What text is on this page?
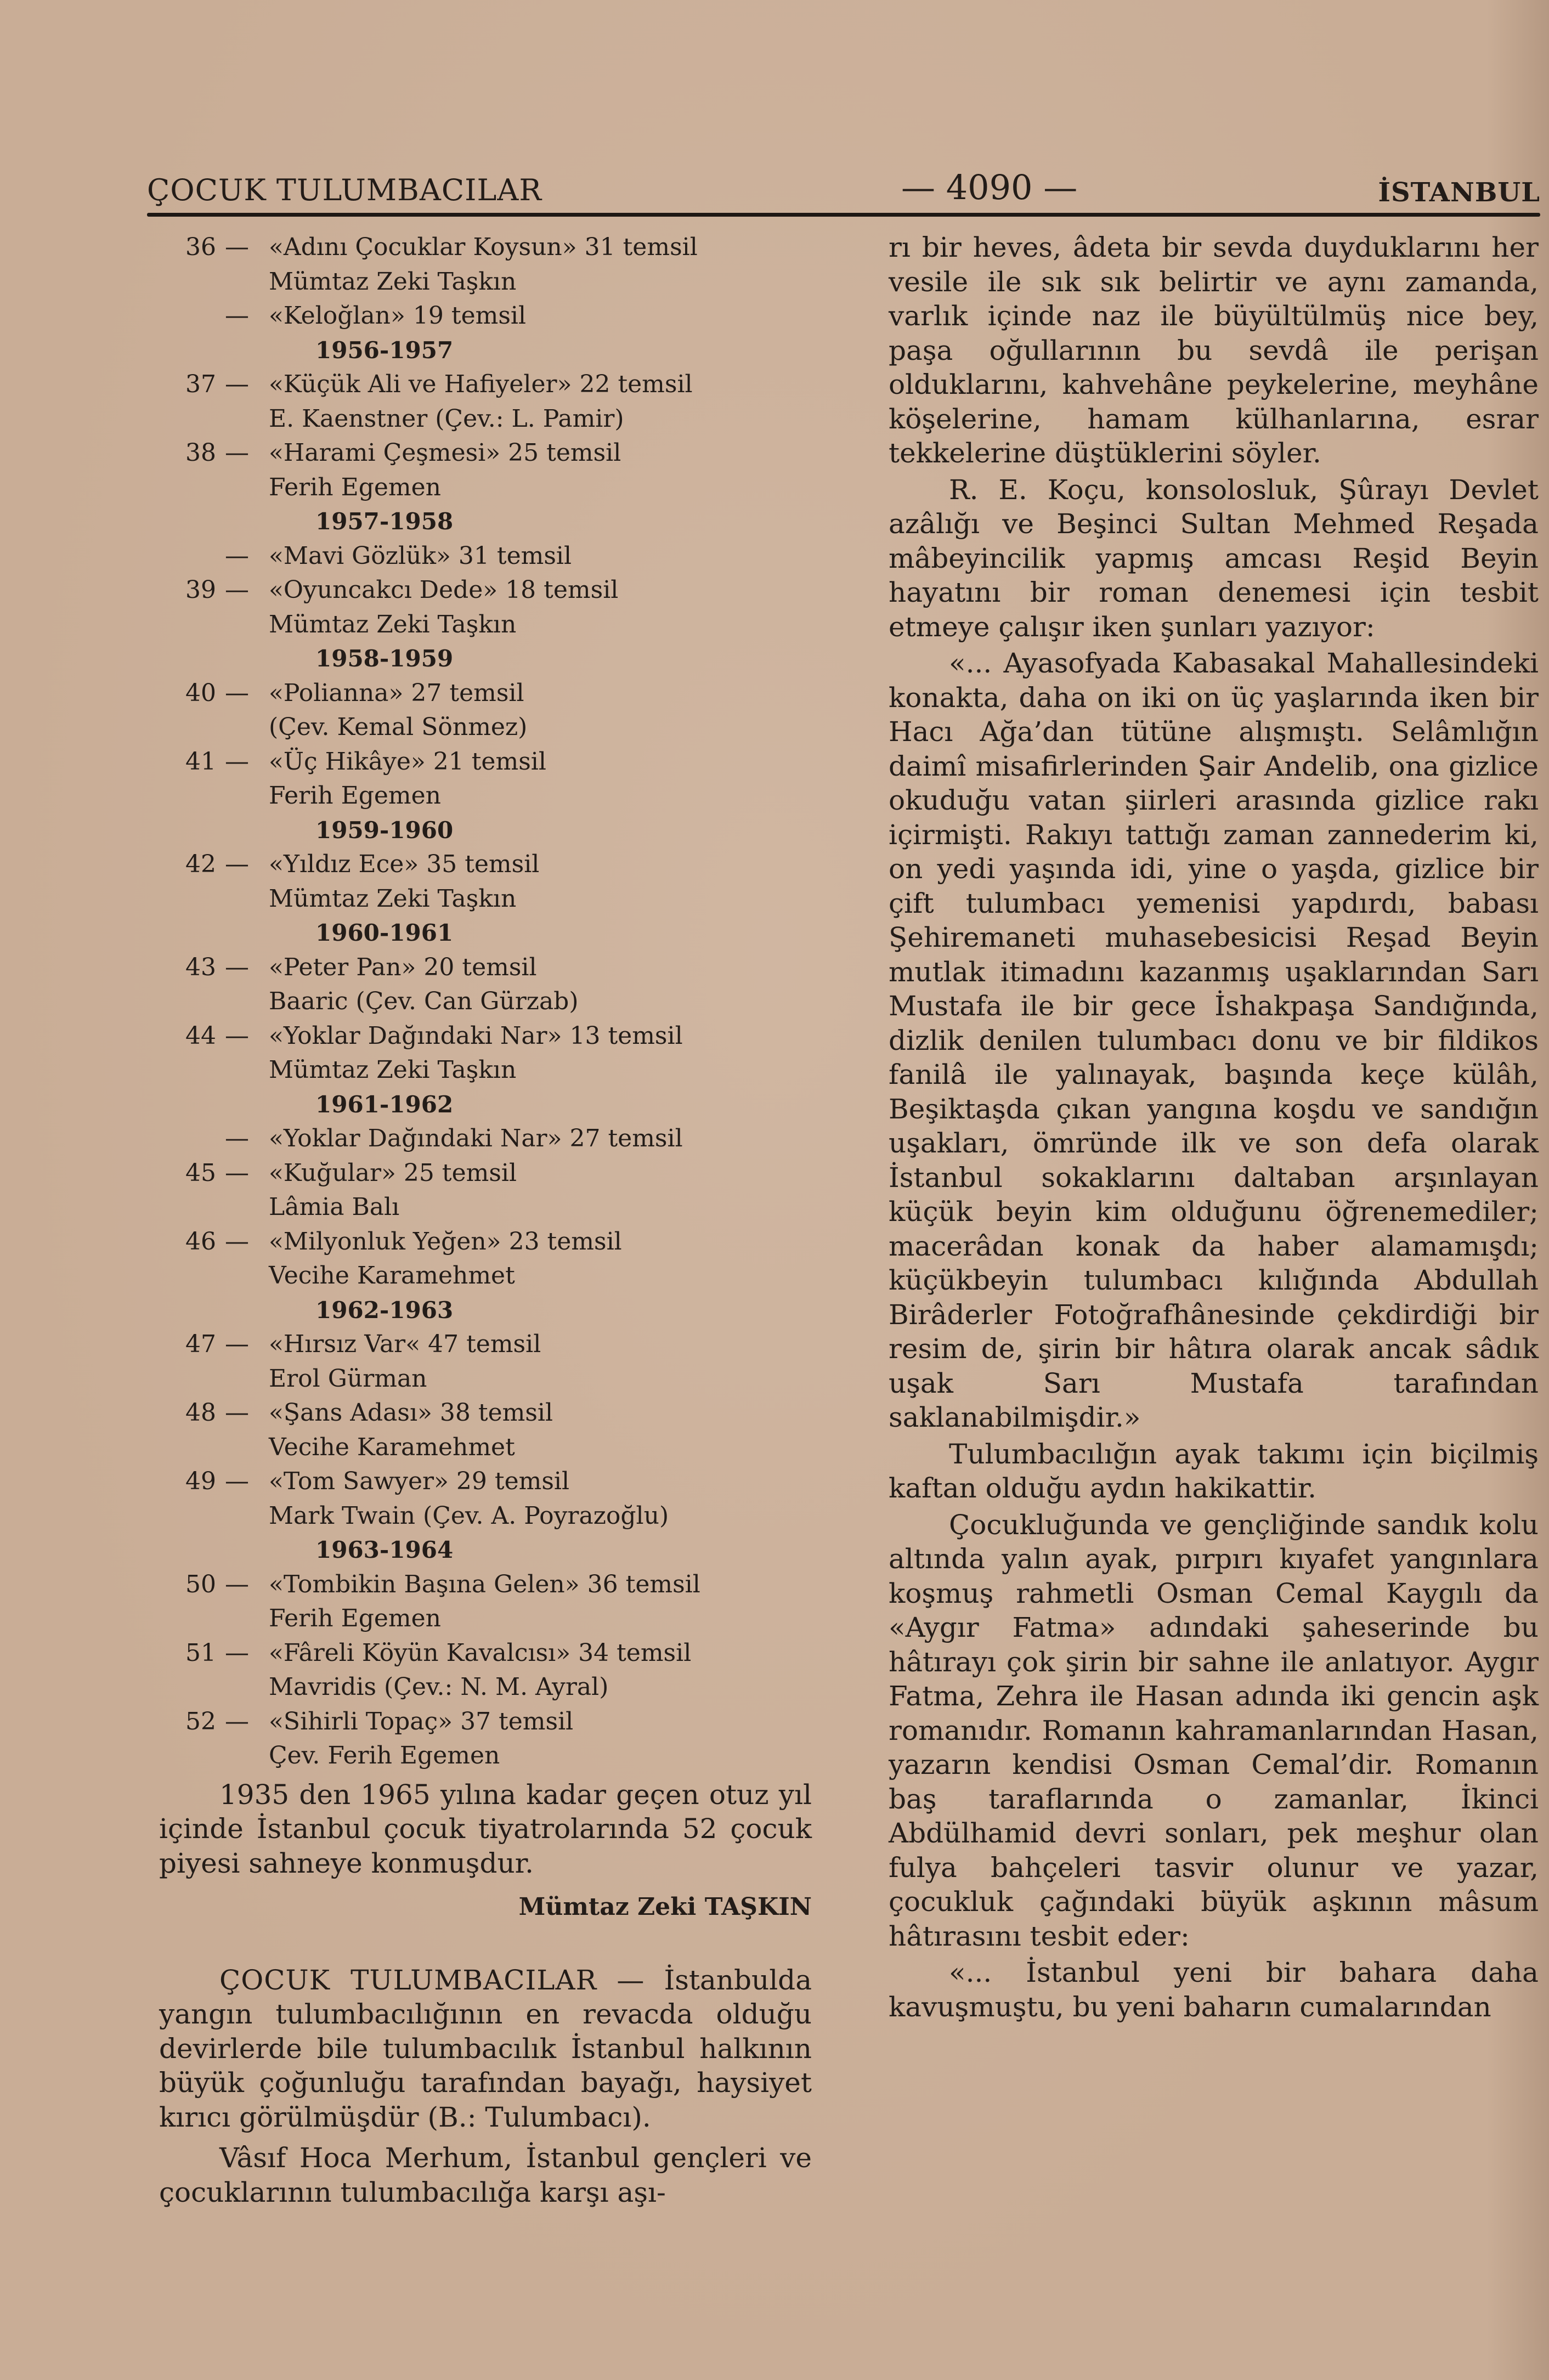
ÇOCUK TULUMBACILAR	— 4090 —	İSTANBUL
36 — «Adını Çocuklar Koysun» 31 temsil
Mümtaz Zeki Taşkın
— «Keloğlan» 19 temsil
1956-1957
37 — «Küçük Ali ve Hafiyeler» 22 temsil
E. Kaenstner (Çev.: L. Pamir)
38 — «Harami Çeşmesi» 25 temsil
Ferih Egemen
1957-1958
— «Mavi Gözlük» 31 temsil
39 — «Oyuncakcı Dede» 18 temsil
Mümtaz Zeki Taşkın
1958-1959
40 — «Polianna» 27 temsil
(Çev. Kemal Sönmez)
41 — «Üç Hikâye» 21 temsil
Ferih Egemen
1959-1960
42 — «Yıldız Ece» 35 temsil
Mümtaz Zeki Taşkın
1960-1961
43 — «Peter Pan» 20 temsil
Baaric (Çev. Can Gürzab)
44 — «Yoklar Dağındaki Nar» 13 temsil
Mümtaz Zeki Taşkın
1961-1962
— «Yoklar Dağındaki Nar» 27 temsil
45 — «Kuğular» 25 temsil
Lâmia Balı
46 — «Milyonluk Yeğen» 23 temsil
Vecihe Karamehmet
1962-1963
47 — «Hırsız Var« 47 temsil
Erol Gürman
48 — «Şans Adası» 38 temsil
Vecihe Karamehmet
49 — «Tom Sawyer» 29 temsil
Mark Twain (Çev. A. Poyrazoğlu)
1963-1964
50 — «Tombikin Başına Gelen» 36 temsil
Ferih Egemen
51 — «Fâreli Köyün Kavalcısı» 34 temsil
Mavridis (Çev.: N. M. Ayral)
52 — «Sihirli Topaç» 37 temsil
Çev. Ferih Egemen

1935 den 1965 yılına kadar geçen otuz yıl içinde İstanbul çocuk tiyatrolarında 52 çocuk piyesi sahneye konmuşdur.

Mümtaz Zeki TAŞKIN

ÇOCUK TULUMBACILAR — İstanbulda yangın tulumbacılığının en revacda olduğu devirlerde bile tulumbacılık İstanbul halkının büyük çoğunluğu tarafından bayağı, haysiyet kırıcı görülmüşdür (B.: Tulumbacı).

Vâsıf Hoca Merhum, İstanbul gençleri ve çocuklarının tulumbacılığa karşı aşı-

rı bir heves, âdeta bir sevda duyduklarını her vesile ile sık sık belirtir ve aynı zamanda, varlık içinde naz ile büyültülmüş nice bey, paşa oğullarının bu sevdâ ile perişan olduklarını, kahvehâne peykelerine, meyhâne köşelerine, hamam külhanlarına, esrar tekkelerine düştüklerini söyler.

R. E. Koçu, konsolosluk, Şûrayı Devlet azâlığı ve Beşinci Sultan Mehmed Reşada mâbeyincilik yapmış amcası Reşid Beyin hayatını bir roman denemesi için tesbit etmeye çalışır iken şunları yazıyor:

«... Ayasofyada Kabasakal Mahallesindeki konakta, daha on iki on üç yaşlarında iken bir Hacı Ağa’dan tütüne alışmıştı. Selâmlığın daimî misafirlerinden Şair Andelib, ona gizlice okuduğu vatan şiirleri arasında gizlice rakı içirmişti. Rakıyı tattığı zaman zannederim ki, on yedi yaşında idi, yine o yaşda, gizlice bir çift tulumbacı yemenisi yapdırdı, babası Şehiremaneti muhasebesicisi Reşad Beyin mutlak itimadını kazanmış uşaklarından Sarı Mustafa ile bir gece İshakpaşa Sandığında, dizlik denilen tulumbacı donu ve bir fildikos fanilâ ile yalınayak, başında keçe külâh, Beşiktaşda çıkan yangına koşdu ve sandığın uşakları, ömründe ilk ve son defa olarak İstanbul sokaklarını daltaban arşınlayan küçük beyin kim olduğunu öğrenemediler; macerâdan konak da haber alamamışdı; küçükbeyin tulumbacı kılığında Abdullah Birâderler Fotoğrafhânesinde çekdirdiği bir resim de, şirin bir hâtıra olarak ancak sâdık uşak Sarı Mustafa tarafından saklanabilmişdir.»

Tulumbacılığın ayak takımı için biçilmiş kaftan olduğu aydın hakikattir.

Çocukluğunda ve gençliğinde sandık kolu altında yalın ayak, pırpırı kıyafet yangınlara koşmuş rahmetli Osman Cemal Kaygılı da «Aygır Fatma» adındaki şaheserinde bu hâtırayı çok şirin bir sahne ile anlatıyor. Aygır Fatma, Zehra ile Hasan adında iki gencin aşk romanıdır. Romanın kahramanlarından Hasan, yazarın kendisi Osman Cemal’dir. Romanın baş taraflarında o zamanlar, İkinci Abdülhamid devri sonları, pek meşhur olan fulya bahçeleri tasvir olunur ve yazar, çocukluk çağındaki büyük aşkının mâsum hâtırasını tesbit eder:

«... İstanbul yeni bir bahara daha kavuşmuştu, bu yeni baharın cumalarından
